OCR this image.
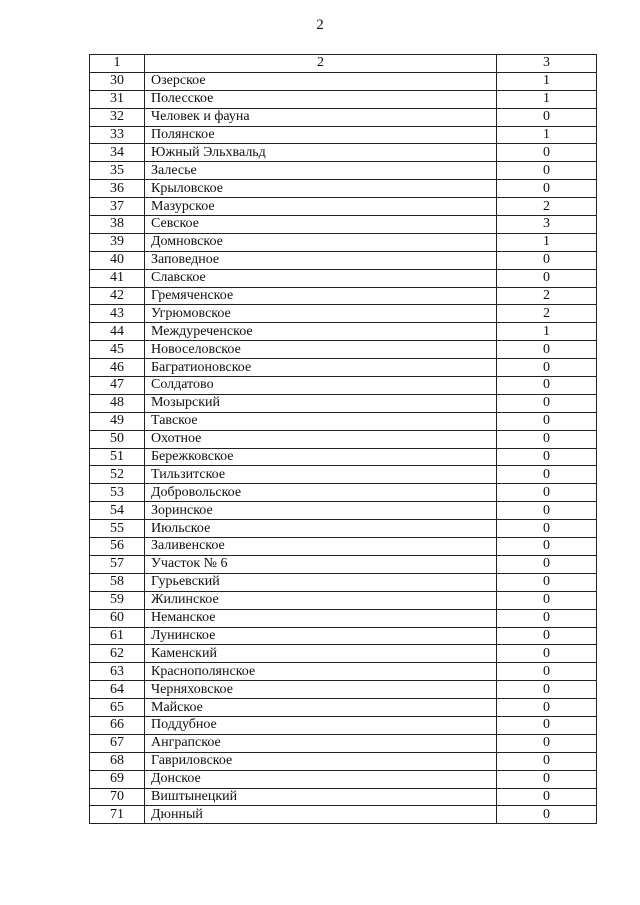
2
1	2	3
30	Озерское	1
31	Полесское	1
32	Человек и фауна	0
33	Полянское	1
34	Южный Эльхвальд	0
35	Залесье	0
36	Крыловское	0
37	Мазурское	2
38	Севское	3
39	Домновское	1
40	Заповедное	0
41	Славское	0
42	Гремяченское	2
43	Угрюмовское	2
44	Междуреченское	1
45	Новоселовское	0
46	Багратионовское	0
47	Солдатово	0
48	Мозырский	0
49	Тавское	0
50	Охотное	0
51	Бережковское	0
52	Тильзитское	0
53	Добровольское	0
54	Зоринское	0
55	Июльское	0
56	Заливенское	0
57	Участок № 6	0
58	Гурьевский	0
59	Жилинское	0
60	Неманское	0
61	Лунинское	0
62	Каменский	0
63	Краснополянское	0
64	Черняховское	0
65	Майское	0
66	Поддубное	0
67	Ангрaпское	0
68	Гавриловское	0
69	Донское	0
70	Виштынецкий	0
71	Дюнный	0
